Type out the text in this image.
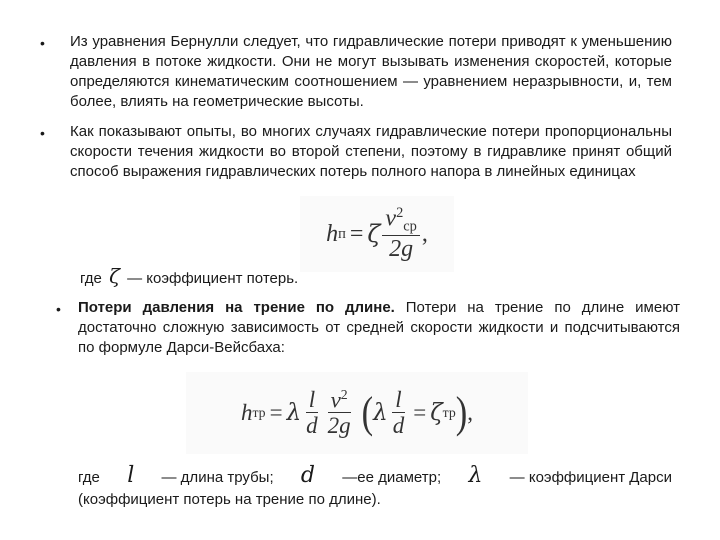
• Из уравнения Бернулли следует, что гидравлические потери приводят к уменьшению давления в потоке жидкости. Они не могут вызывать изменения скоростей, которые определяются кинематическим соотношением — уравнением неразрывности, и, тем более, влиять на геометрические высоты.
• Как показывают опыты, во многих случаях гидравлические потери пропорциональны скорости течения жидкости во второй степени, поэтому в гидравлике принят общий способ выражения гидравлических потерь полного напора в линейных единицах
h п = ζ $\frac{v^2_{ср}}{2g}$ ,
где ζ — коэффициент потерь.
• Потери давления на трение по длине. Потери на трение по длине имеют достаточно сложную зависимость от средней скорости жидкости и подсчитываются по формуле Дарси-Вейсбаха:
h тр = λ $\frac{l}{d} \frac{v^2}{2g}$ ( λ $\frac{l}{d} = \zeta$ тр ) ,
где l — длина трубы; d —ее диаметр; λ — коэффициент Дарси
(коэффициент потерь на трение по длине).
